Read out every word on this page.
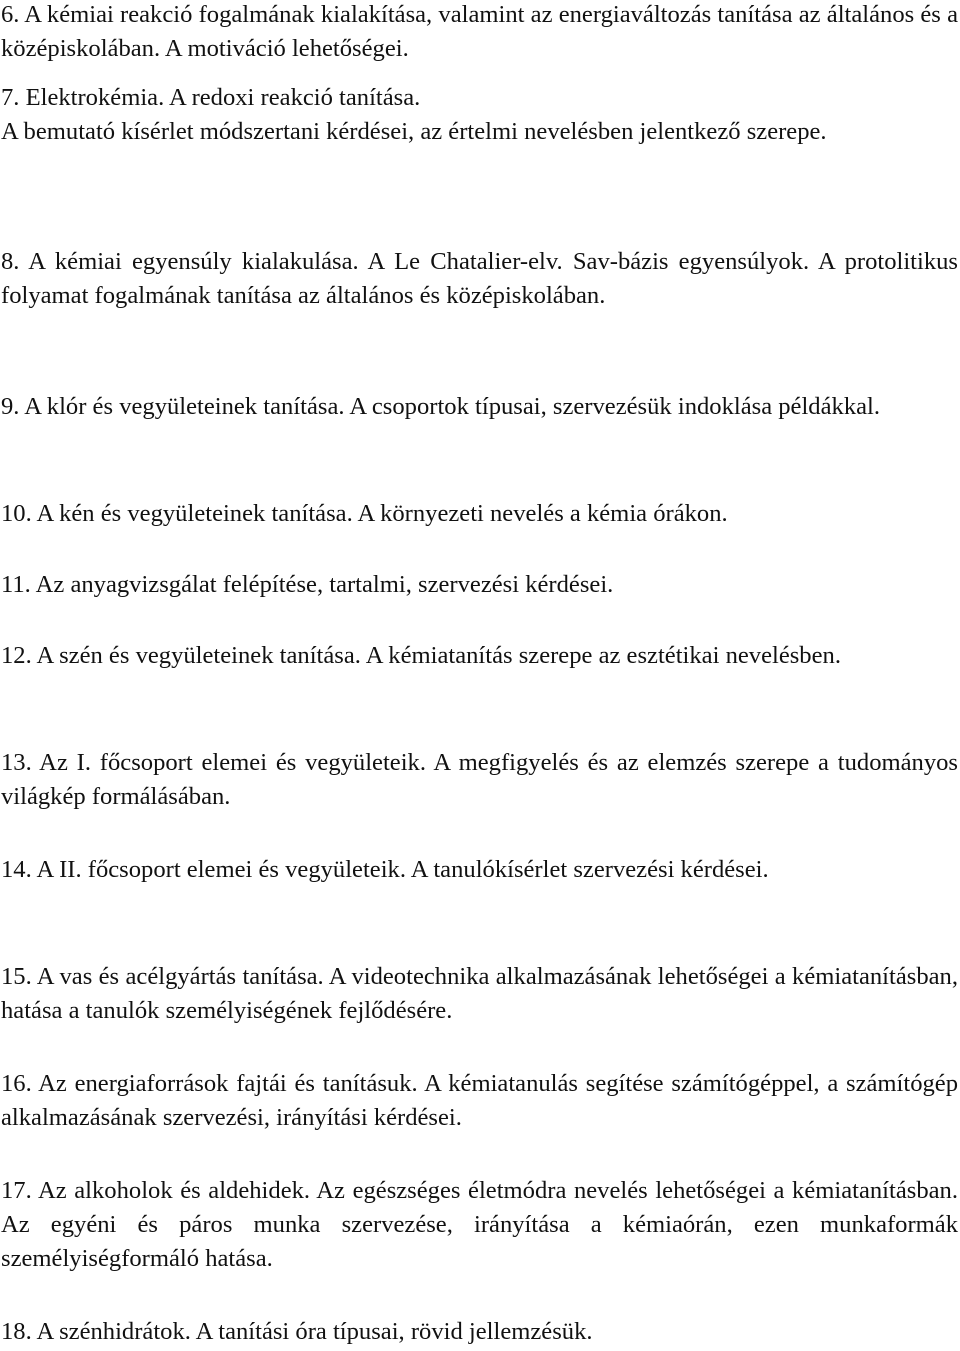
6. A kémiai reakció fogalmának kialakítása, valamint az energiaváltozás tanítása az általános és a középiskolában. A motiváció lehetőségei.

7. Elektrokémia. A redoxi reakció tanítása.
A bemutató kísérlet módszertani kérdései, az értelmi nevelésben jelentkező szerepe.

8. A kémiai egyensúly kialakulása. A Le Chatalier-elv. Sav-bázis egyensúlyok. A protolitikus folyamat fogalmának tanítása az általános és középiskolában.

9. A klór és vegyületeinek tanítása. A csoportok típusai, szervezésük indoklása példákkal.

10. A kén és vegyületeinek tanítása. A környezeti nevelés a kémia órákon.

11. Az anyagvizsgálat felépítése, tartalmi, szervezési kérdései.

12. A szén és vegyületeinek tanítása. A kémiatanítás szerepe az esztétikai nevelésben.

13. Az I. főcsoport elemei és vegyületeik. A megfigyelés és az elemzés szerepe a tudományos világkép formálásában.

14. A II. főcsoport elemei és vegyületeik. A tanulókísérlet szervezési kérdései.

15. A vas és acélgyártás tanítása. A videotechnika alkalmazásának lehetőségei a kémiatanításban, hatása a tanulók személyiségének fejlődésére.

16. Az energiaforrások fajtái és tanításuk. A kémiatanulás segítése számítógéppel, a számítógép alkalmazásának szervezési, irányítási kérdései.

17. Az alkoholok és aldehidek. Az egészséges életmódra nevelés lehetőségei a kémiatanításban. Az egyéni és páros munka szervezése, irányítása a kémiaórán, ezen munkaformák személyiségformáló hatása.

18. A szénhidrátok. A tanítási óra típusai, rövid jellemzésük.
